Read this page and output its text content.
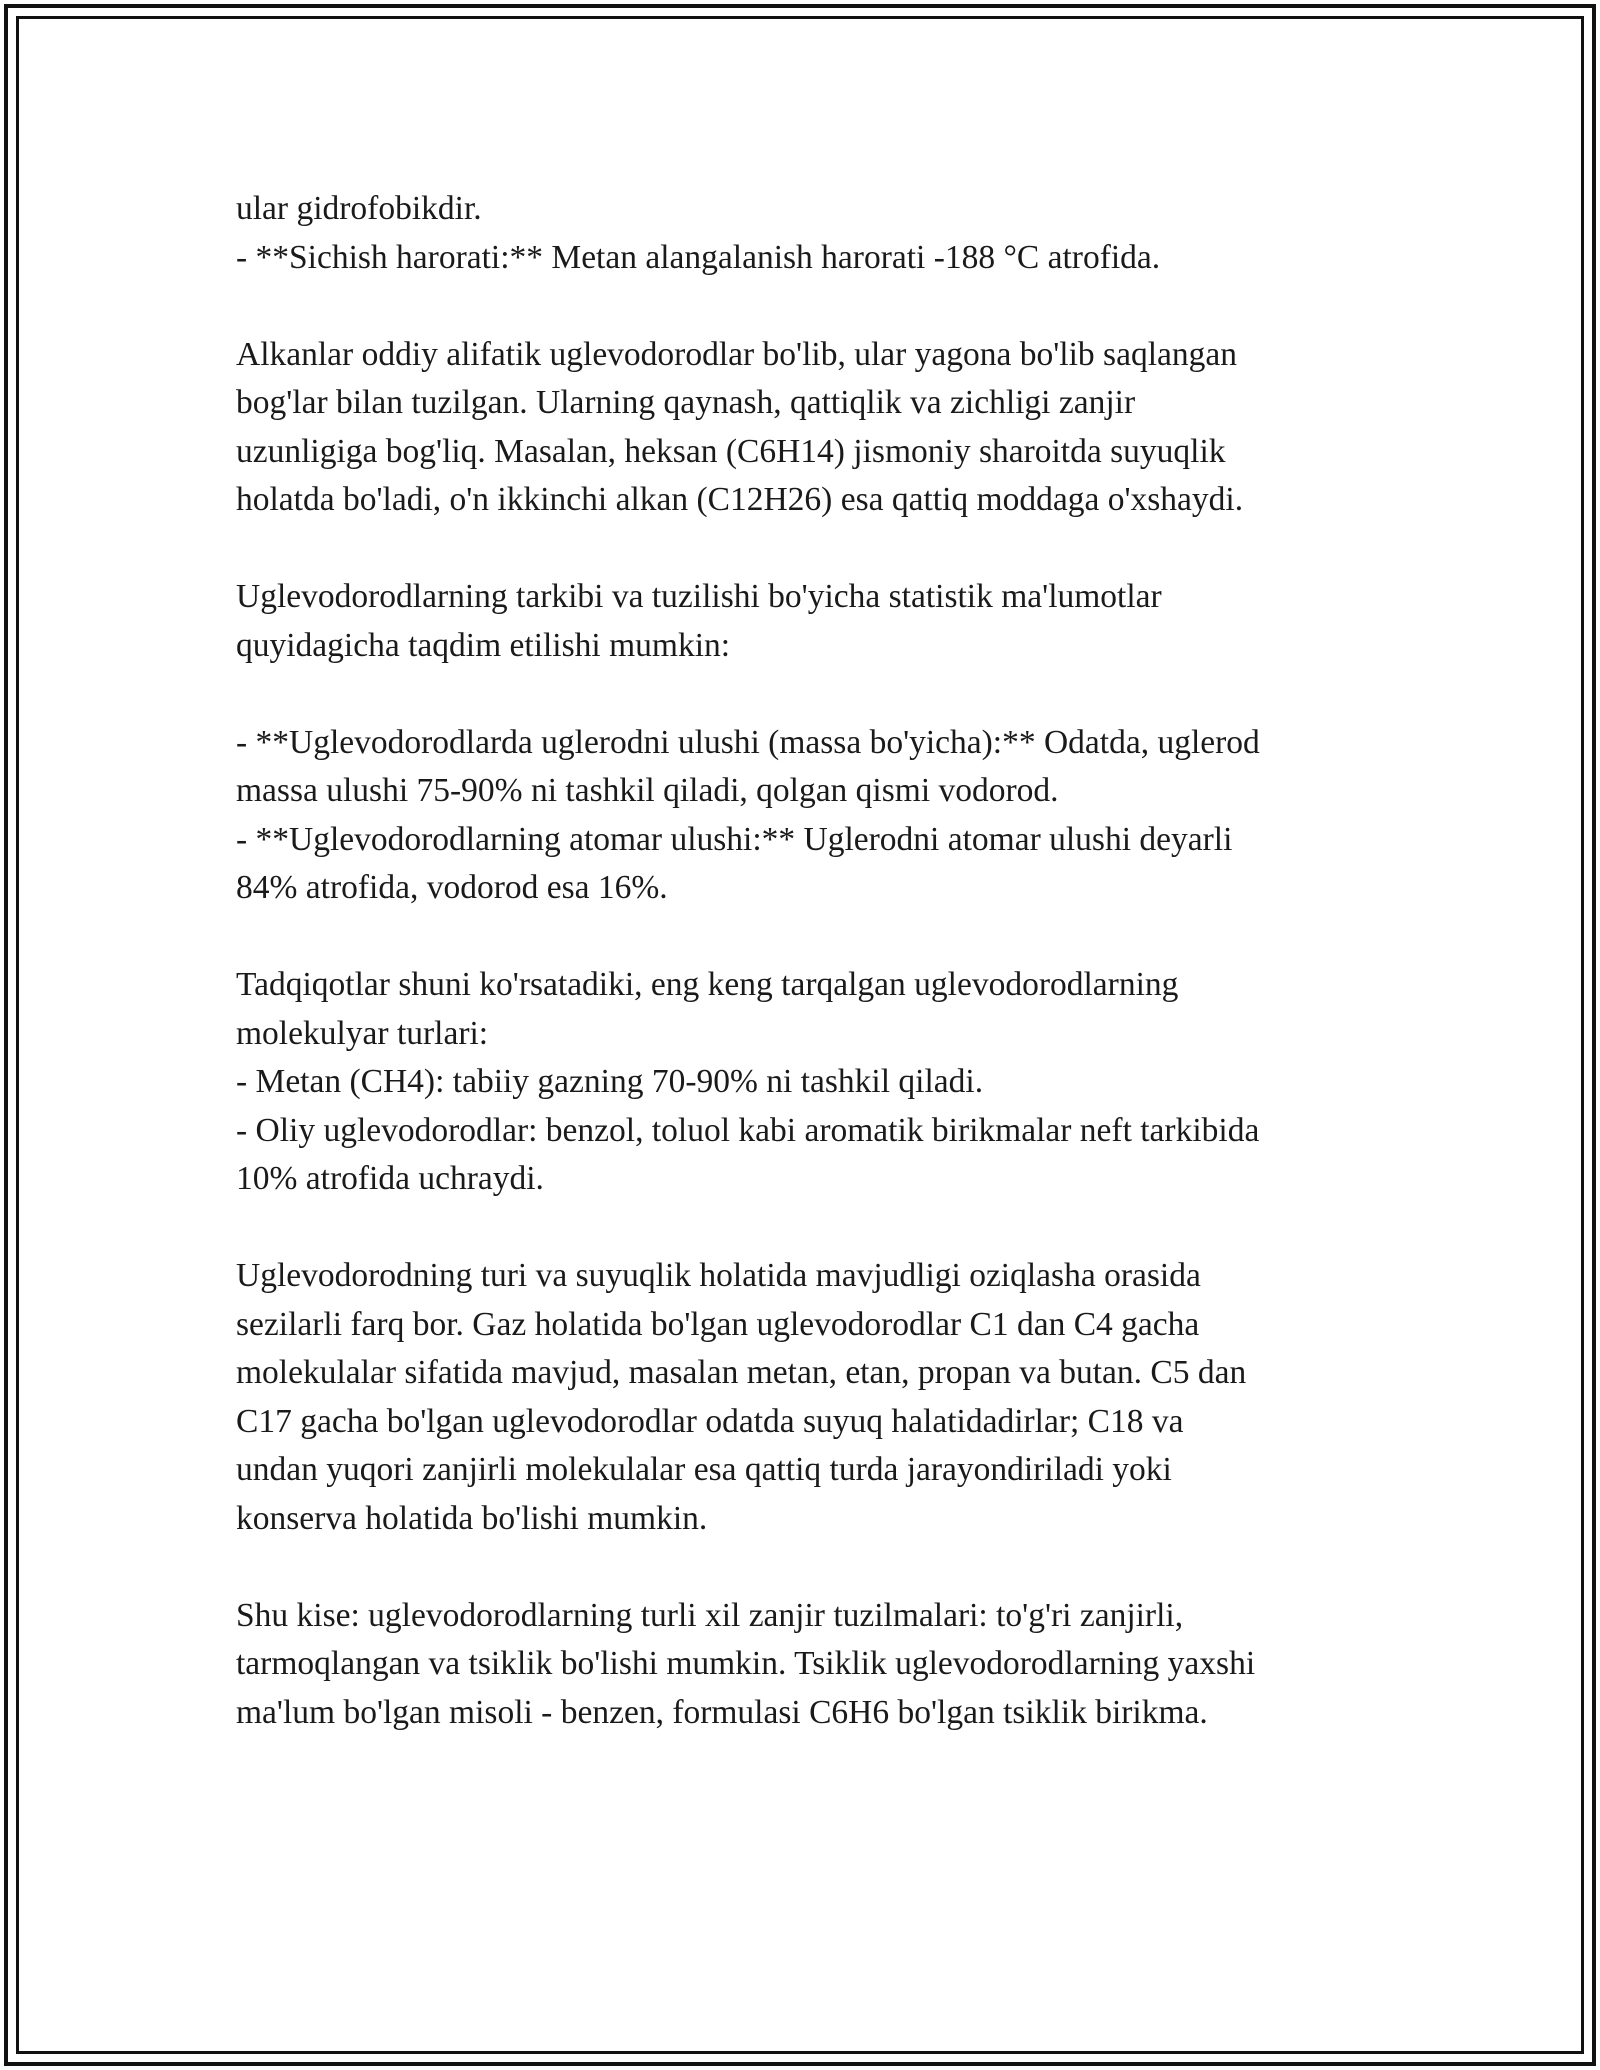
ular gidrofobikdir.
- **Sichish harorati:** Metan alangalanish harorati -188 °C atrofida.
Alkanlar oddiy alifatik uglevodorodlar bo'lib, ular yagona bo'lib saqlangan
bog'lar bilan tuzilgan. Ularning qaynash, qattiqlik va zichligi zanjir
uzunligiga bog'liq. Masalan, heksan (C6H14) jismoniy sharoitda suyuqlik
holatda bo'ladi, o'n ikkinchi alkan (C12H26) esa qattiq moddaga o'xshaydi.
Uglevodorodlarning tarkibi va tuzilishi bo'yicha statistik ma'lumotlar
quyidagicha taqdim etilishi mumkin:
- **Uglevodorodlarda uglerodni ulushi (massa bo'yicha):** Odatda, uglerod
massa ulushi 75-90% ni tashkil qiladi, qolgan qismi vodorod.
- **Uglevodorodlarning atomar ulushi:** Uglerodni atomar ulushi deyarli
84% atrofida, vodorod esa 16%.
Tadqiqotlar shuni ko'rsatadiki, eng keng tarqalgan uglevodorodlarning
molekulyar turlari:
- Metan (CH4): tabiiy gazning 70-90% ni tashkil qiladi.
- Oliy uglevodorodlar: benzol, toluol kabi aromatik birikmalar neft tarkibida
10% atrofida uchraydi.
Uglevodorodning turi va suyuqlik holatida mavjudligi oziqlasha orasida
sezilarli farq bor. Gaz holatida bo'lgan uglevodorodlar C1 dan C4 gacha
molekulalar sifatida mavjud, masalan metan, etan, propan va butan. C5 dan
C17 gacha bo'lgan uglevodorodlar odatda suyuq halatidadirlar; C18 va
undan yuqori zanjirli molekulalar esa qattiq turda jarayondiriladi yoki
konserva holatida bo'lishi mumkin.
Shu kise: uglevodorodlarning turli xil zanjir tuzilmalari: to'g'ri zanjirli,
tarmoqlangan va tsiklik bo'lishi mumkin. Tsiklik uglevodorodlarning yaxshi
ma'lum bo'lgan misoli - benzen, formulasi C6H6 bo'lgan tsiklik birikma.
